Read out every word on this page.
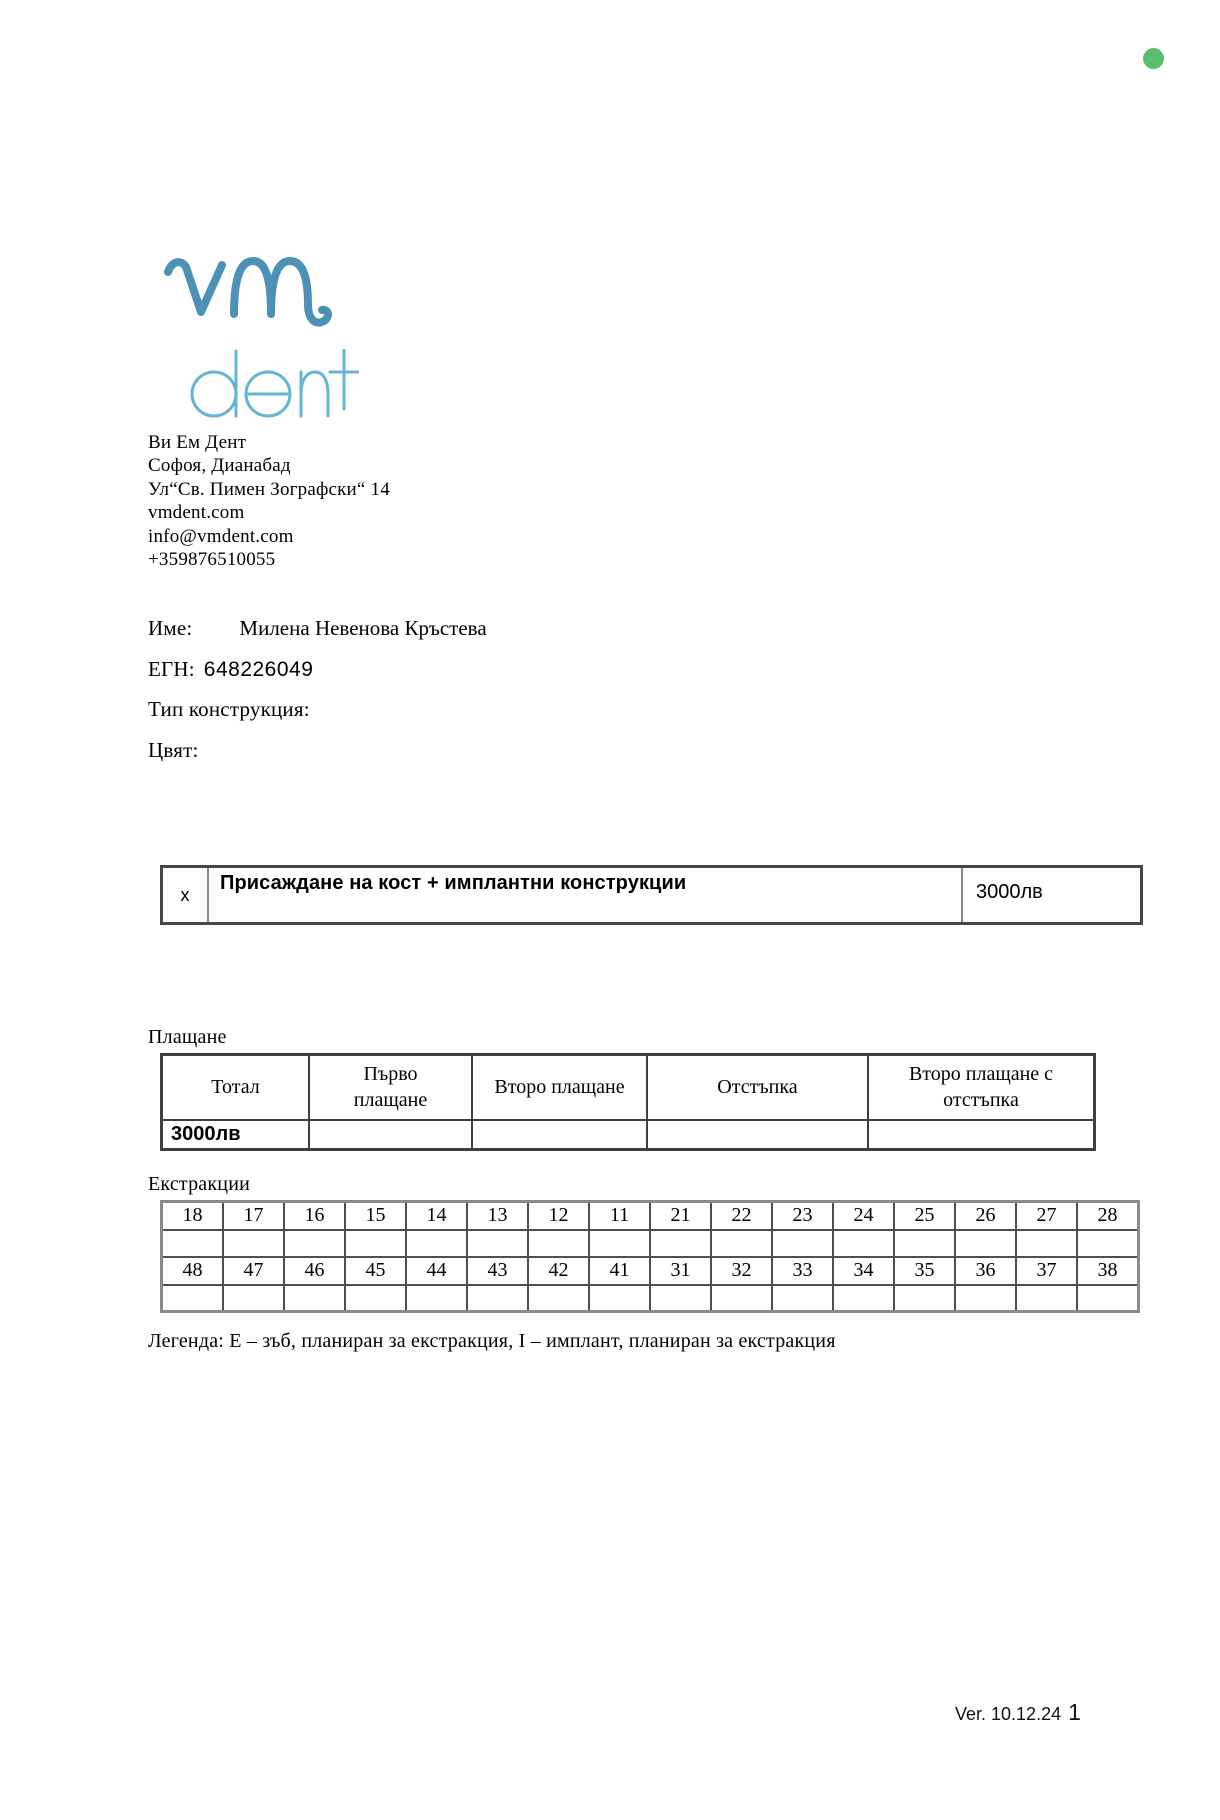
Ви Ем Дент
Софоя, Дианабад
Ул“Св. Пимен Зографски“ 14
vmdent.com
info@vmdent.com
+359876510055
Име: Милена Невенова Кръстева
ЕГН: 648226049
Тип конструкция:
Цвят:
x	Присаждане на кост + имплантни конструкции	3000лв
Плащане
Тотал	Първо плащане	Второ плащане	Отстъпка	Второ плащане с отстъпка
3000лв				
Екстракции
18	17	16	15	14	13	12	11	21	22	23	24	25	26	27	28

48	47	46	45	44	43	42	41	31	32	33	34	35	36	37	38

Легенда: Е – зъб, планиран за екстракция, I – имплант, планиран за екстракция
Ver. 10.12.24 1
